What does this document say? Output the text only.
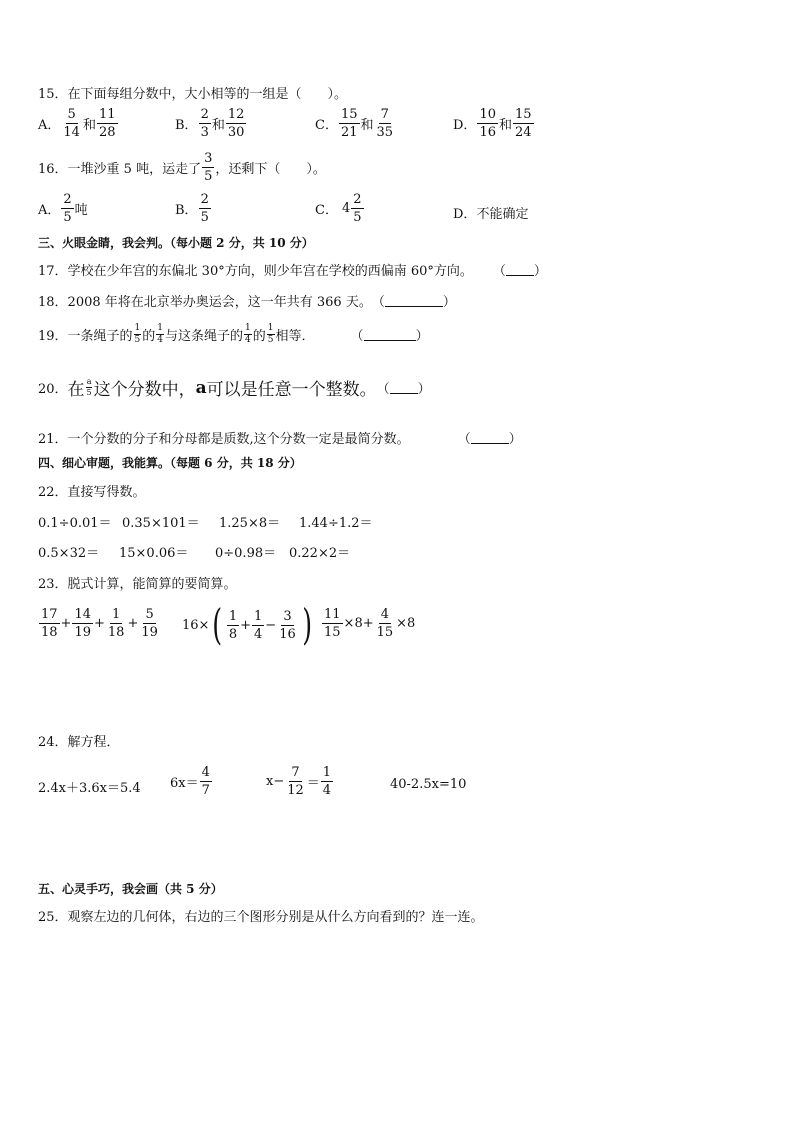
15．在下面每组分数中，大小相等的一组是（　　）。
A． $\frac{5}{14}$ 和 $\frac{11}{28}$	B． $\frac{2}{3}$ 和 $\frac{12}{30}$	C． $\frac{15}{21}$ 和 $\frac{7}{35}$	D． $\frac{10}{16}$ 和 $\frac{15}{24}$
16．一堆沙重 5 吨，运走了 $\frac{3}{5}$ ，还剩下（　　）。
A． $\frac{2}{5}$ 吨	B． $\frac{2}{5}$	C． $4 \frac{2}{5}$	D． 不能确定
三、火眼金睛，我会判。（每小题 2 分，共 10 分）
17．学校在少年宫的东偏北 30°方向，则少年宫在学校的西偏南 60°方向。 （ ）
18．2008 年将在北京举办奥运会，这一年共有 366 天。 （	）
19．一条绳子的 $\frac{1}{5}$ 的 $\frac{1}{4}$ 与这条绳子的 $\frac{1}{4}$ 的 $\frac{1}{5}$ 相等．	（	）
20． 在 $\frac{a}{5}$ 这个分数中， a 可以是任意一个整数。 （ ）
21．一个分数的分子和分母都是质数,这个分数一定是最简分数。	（	）
四、细心审题，我能算。（每题 6 分，共 18 分）
22．直接写得数。
0.1÷0.01＝ 0.35×101＝ 1.25×8＝ 1.44÷1.2＝
0.5×32＝ 15×0.06＝ 0÷0.98＝ 0.22×2＝
23．脱式计算，能简算的要简算。
$\frac{17}{18} + \frac{14}{19} + \frac{1}{18} + \frac{5}{19} 16\times$ ( $\frac{1}{8} + \frac{1}{4} - \frac{3}{16}$ ) $\frac{11}{15} \times 8+ \frac{4}{15} \times 8$
24．解方程．
2.4x＋3.6x＝5.4 $6x= \frac{4}{7}$	$x- \frac{7}{12} = \frac{1}{4}$	40-2.5x=10
五、心灵手巧，我会画（共 5 分）
25．观察左边的几何体，右边的三个图形分别是从什么方向看到的？连一连。
